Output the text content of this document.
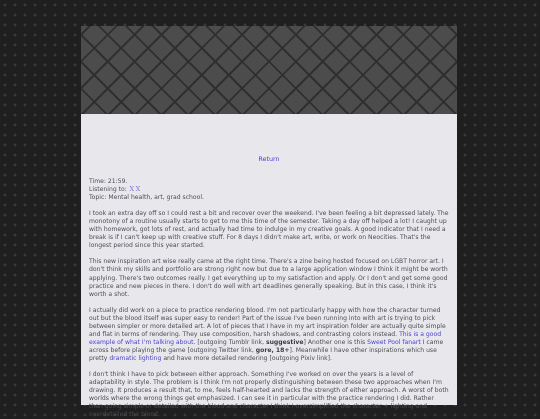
Return
Time: 21:59.
Listening to: ＸＸ
Topic: Mental health, art, grad school.

I took an extra day off so I could rest a bit and recover over the weekend. I've been feeling a bit depressed lately. The monotony of a routine usually starts to get to me this time of the semester. Taking a day off helped a lot! I caught up with homework, got lots of rest, and actually had time to indulge in my creative goals. A good indicator that I need a break is if I can't keep up with creative stuff. For 8 days I didn't make art, write, or work on Neocities. That's the longest period since this year started.

This new inspiration art wise really came at the right time. There's a zine being hosted focused on LGBT horror art. I don't think my skills and portfolio are strong right now but due to a large application window I think it might be worth applying. There's two outcomes really. I get everything up to my satisfaction and apply. Or I don't and get some good practice and new pieces in there. I don't do well with art deadlines generally speaking. But in this case, I think it's worth a shot.

I actually did work on a piece to practice rendering blood. I'm not particularly happy with how the character turned out but the blood itself was super easy to render! Part of the issue I've been running into with art is trying to pick between simpler or more detailed art. A lot of pieces that I have in my art inspiration folder are actually quite simple and flat in terms of rendering. They use composition, harsh shadows, and contrasting colors instead. This is a good example of what I'm talking about. [outgoing Tumblr link, suggestive] Another one is this Sweet Pool fanart I came across before playing the game [outgoing Twitter link, gore, 18+]. Meanwhile I have other inspirations which use pretty dramatic lighting and have more detailed rendering [outgoing Pixiv link].

I don't think I have to pick between either approach. Something I've worked on over the years is a level of adaptability in style. The problem is I think I'm not properly distinguishing between these two approaches when I'm drawing. It produces a result that, to me, feels half-hearted and lacks the strength of either approach. A worst of both worlds where the wrong things get emphasized. I can see it in particular with the practice rendering I did. Rather than going simple or detailed with the blood and character I think I oversimplified the character + lighting and overdetailed the blood.
